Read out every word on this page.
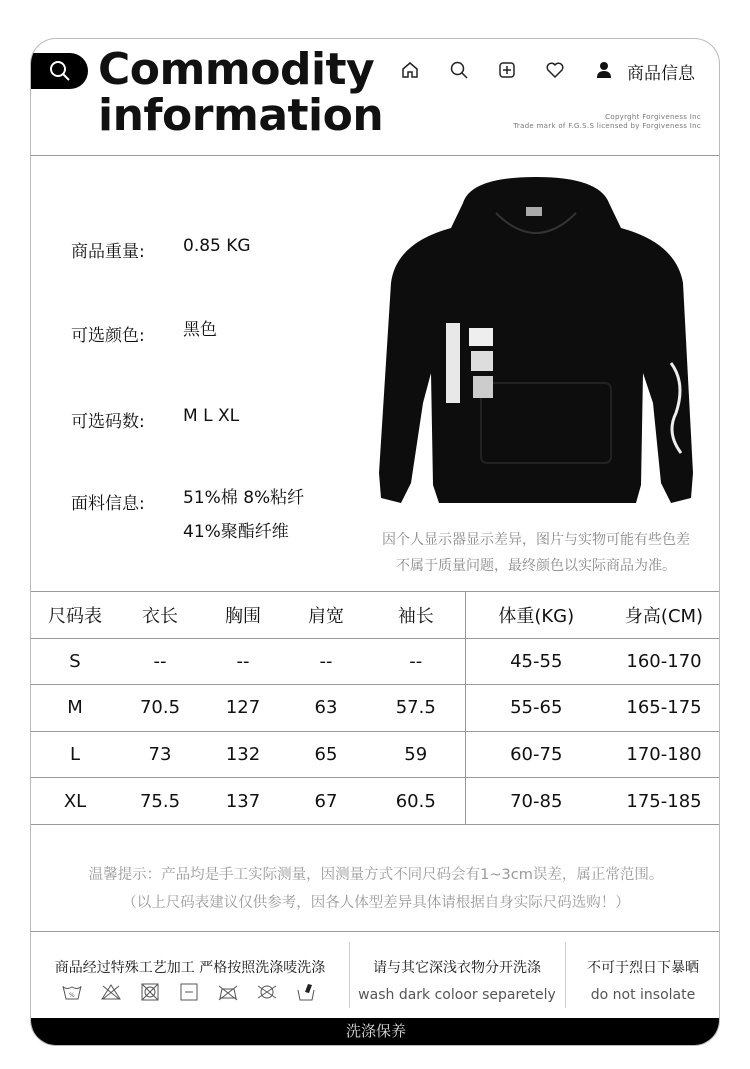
Commodity
information
商品信息
Copyrght Forgiveness Inc
Trade mark of F.G.S.S licensed by Forgiveness Inc
商品重量: 0.85 KG
可选颜色: 黑色
可选码数: M L XL
面料信息: 51%棉 8%粘纤
41%聚酯纤维	因个人显示器显示差异，图片与实物可能有些色差
不属于质量问题，最终颜色以实际商品为准。
尺码表	衣长	胸围	肩宽	袖长	体重(KG)	身高(CM)
S	--	--	--	--	45-55	160-170
M	70.5	127	63	57.5	55-65	165-175
L	73	132	65	59	60-75	170-180
XL	75.5	137	67	60.5	70-85	175-185
温馨提示：产品均是手工实际测量，因测量方式不同尺码会有1~3cm误差，属正常范围。
（以上尺码表建议仅供参考，因各人体型差异具体请根据自身实际尺码选购！）
商品经过特殊工艺加工 严格按照洗涤唛洗涤
%
请与其它深浅衣物分开洗涤
wash dark coloor separetely
不可于烈日下暴晒
do not insolate
洗涤保养
